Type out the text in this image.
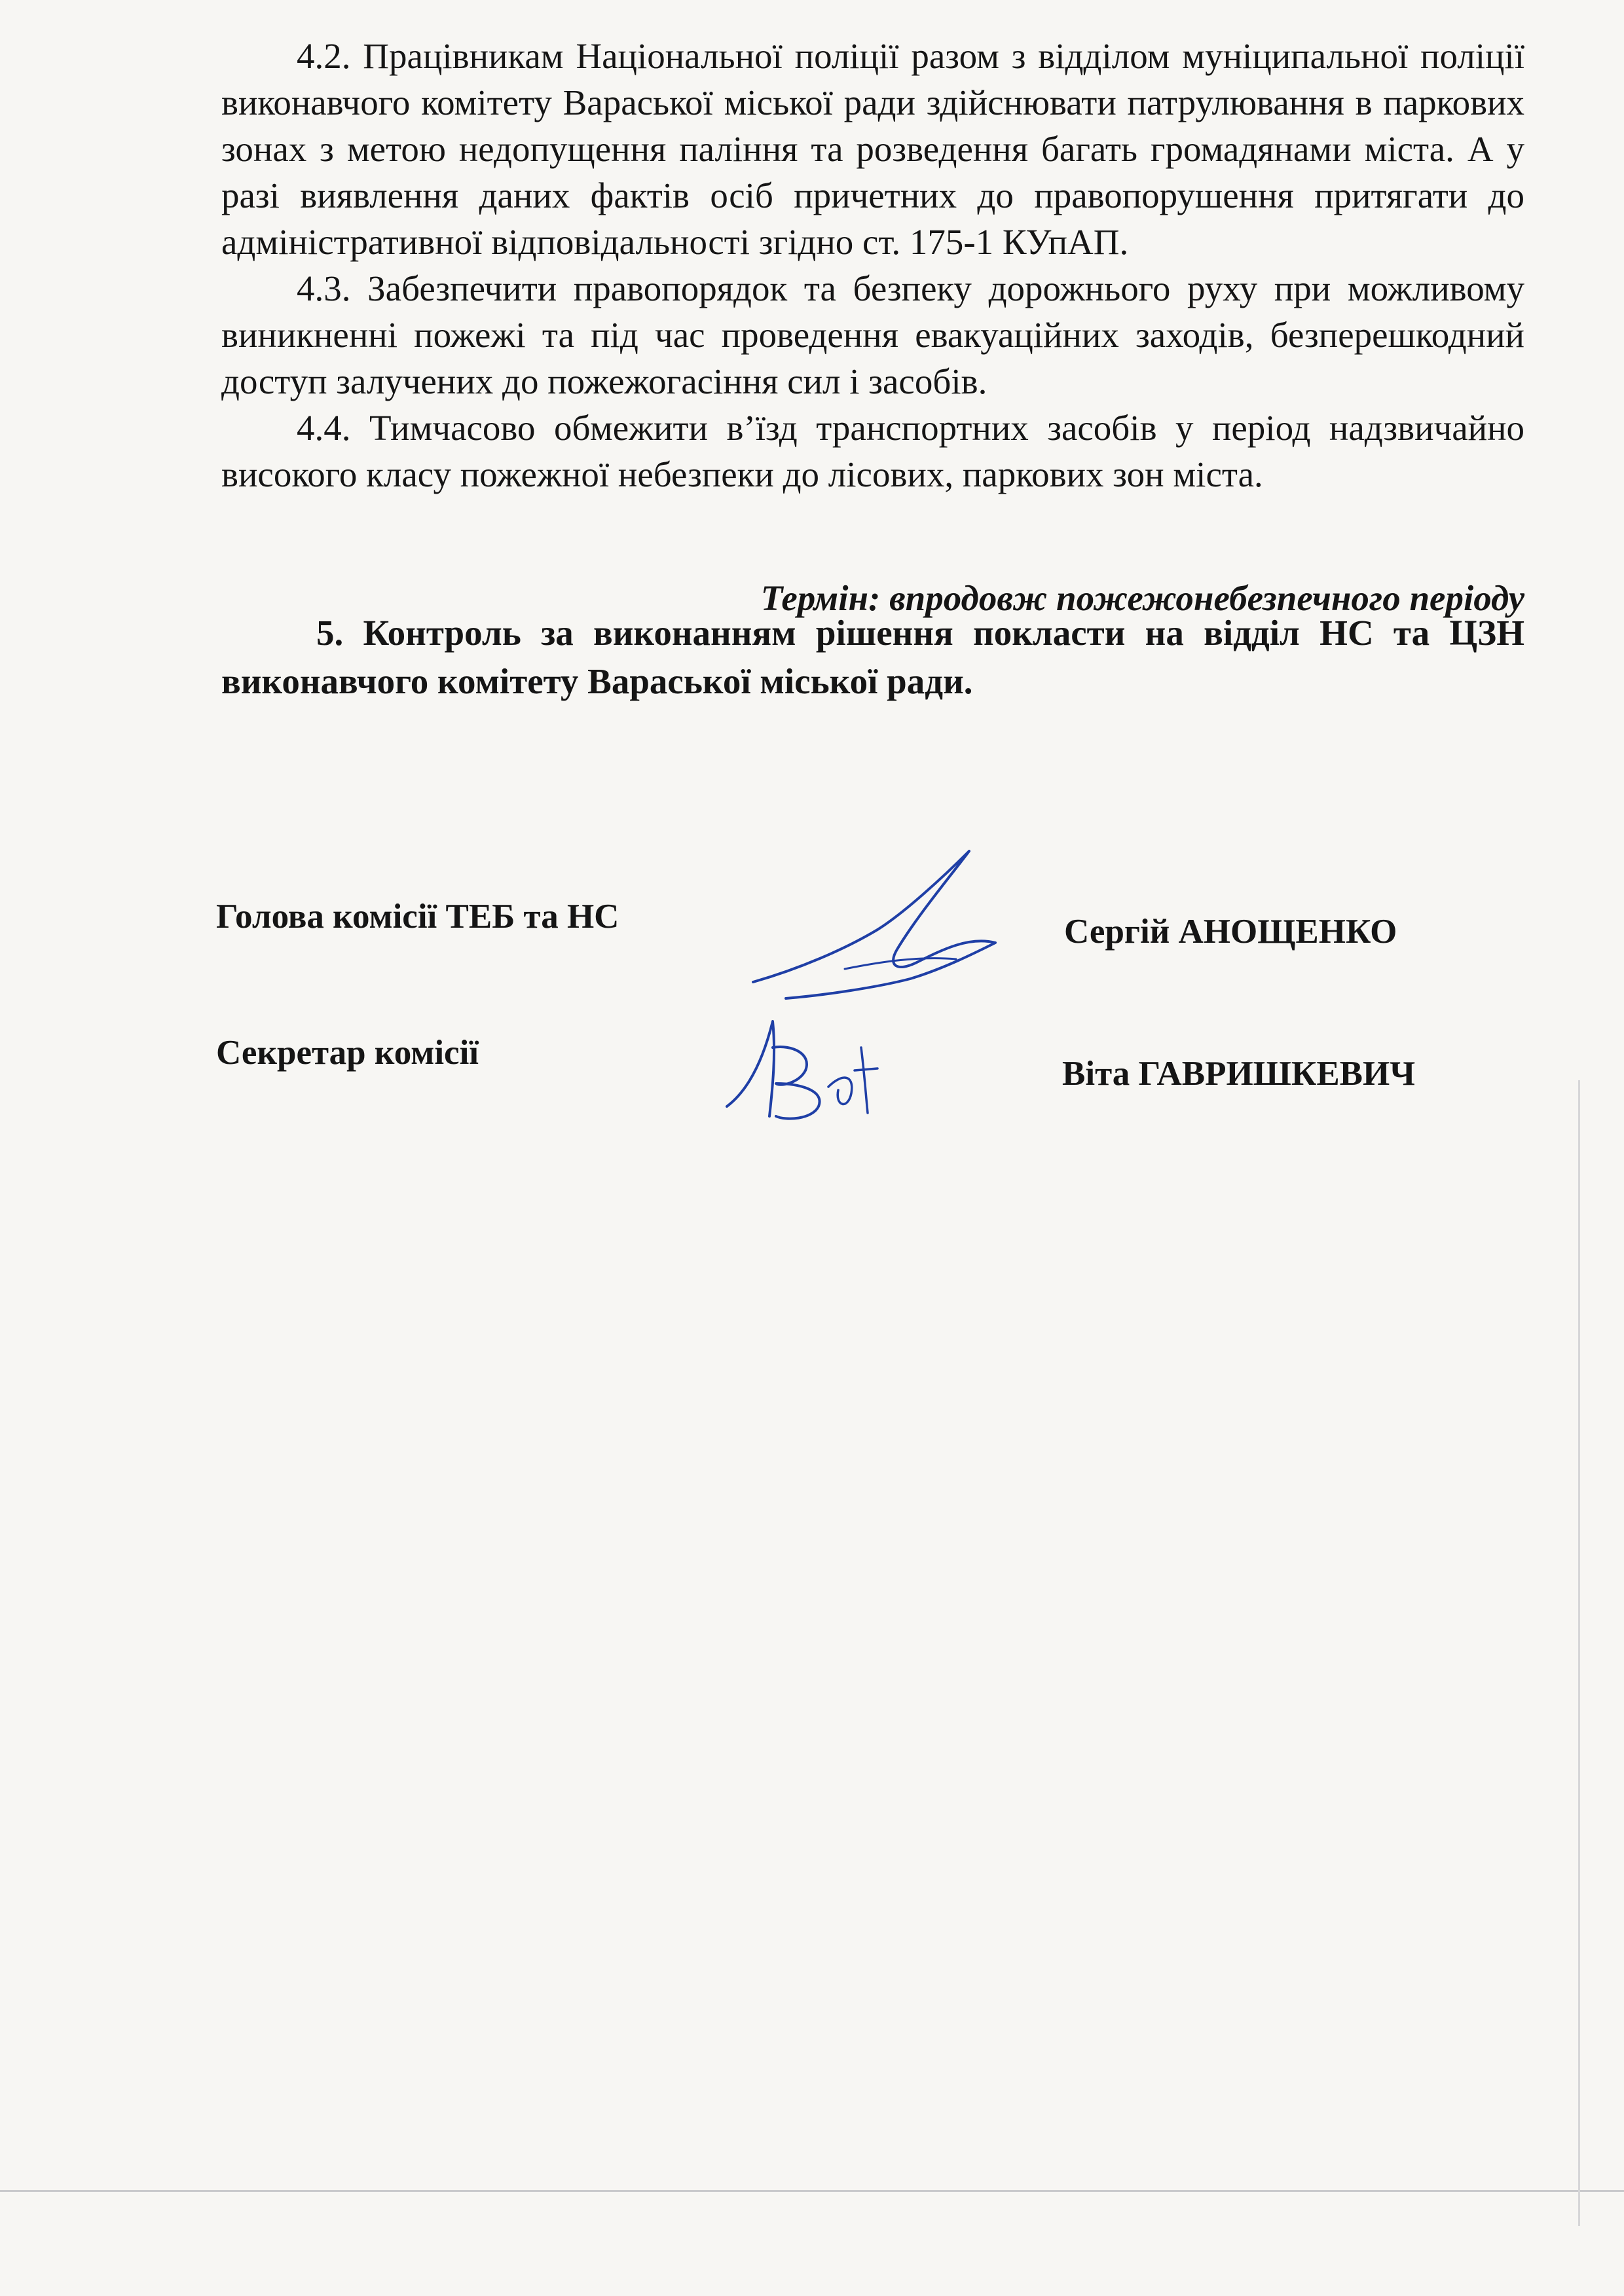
4.2. Працівникам Національної поліції разом з відділом муніципальної поліції виконавчого комітету Вараської міської ради здійснювати патрулювання в паркових зонах з метою недопущення паління та розведення багать громадянами міста. А у разі виявлення даних фактів осіб причетних до правопорушення притягати до адміністративної відповідальності згідно ст. 175-1 КУпАП.

4.3. Забезпечити правопорядок та безпеку дорожнього руху при можливому виникненні пожежі та під час проведення евакуаційних заходів, безперешкодний доступ залучених до пожежогасіння сил і засобів.

4.4. Тимчасово обмежити в’їзд транспортних засобів у період надзвичайно високого класу пожежної небезпеки до лісових, паркових зон міста.

Термін: впродовж пожежонебезпечного періоду

5. Контроль за виконанням рішення покласти на відділ НС та ЦЗН виконавчого комітету Вараської міської ради.

Голова комісії ТЕБ та НС	Сергій АНОЩЕНКО
Секретар комісії
Віта ГАВРИШКЕВИЧ
